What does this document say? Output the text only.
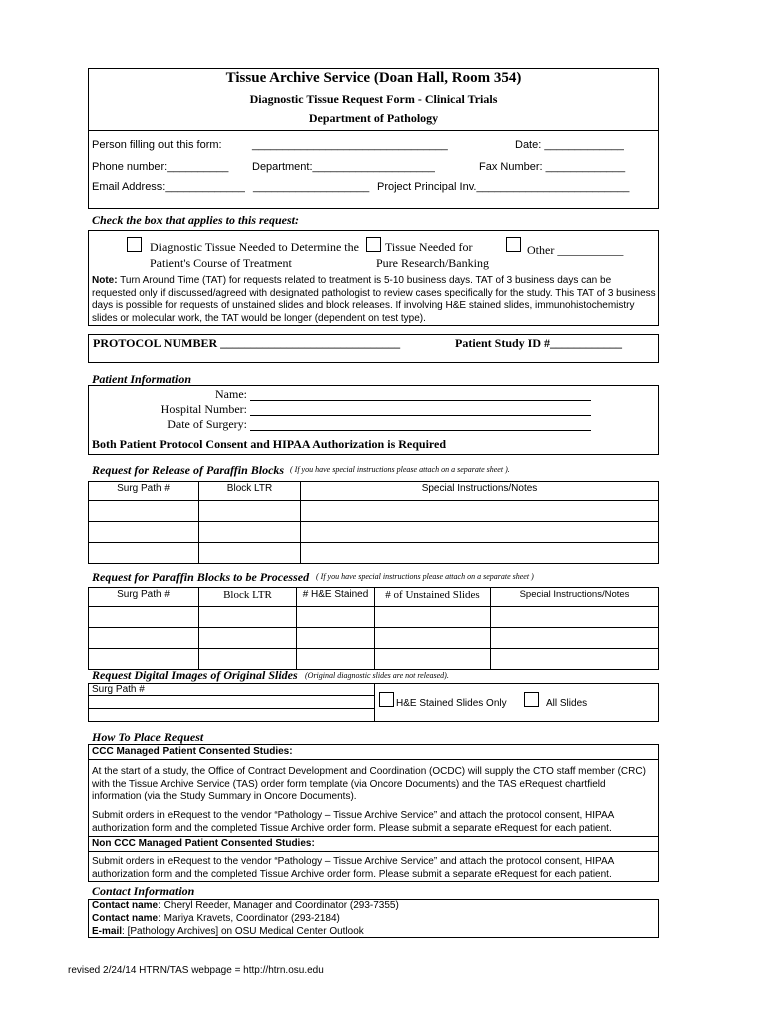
Tissue Archive Service (Doan Hall, Room 354)
Diagnostic Tissue Request Form - Clinical Trials
Department of Pathology
Person filling out this form:	________________________________	Date: _____________
Phone number:__________ Department:____________________	Fax Number: _____________
Email Address:_____________ ___________________ Project Principal Inv._________________________
Check the box that applies to this request:
Diagnostic Tissue Needed to Determine the
Patient's Course of Treatment
Tissue Needed for
Pure Research/Banking
Other ___________
Note: Turn Around Time (TAT) for requests related to treatment is 5-10 business days. TAT of 3 business days can be requested only if discussed/agreed with designated pathologist to review cases specifically for the study. This TAT of 3 business days is possible for requests of unstained slides and block releases. If involving H&E stained slides, immunohistochemistry slides or molecular work, the TAT would be longer (dependent on test type).
PROTOCOL NUMBER ______________________________	Patient Study ID #____________
Patient Information
Name:
Hospital Number:
Date of Surgery:
Both Patient Protocol Consent and HIPAA Authorization is Required
Request for Release of Paraffin Blocks ( If you have special instructions please attach on a separate sheet ).
Surg Path #	Block LTR	Special Instructions/Notes

Request for Paraffin Blocks to be Processed ( If you have special instructions please attach on a separate sheet )
Surg Path #	Block LTR	# H&E Stained	# of Unstained Slides	Special Instructions/Notes

Request Digital Images of Original Slides (Original diagnostic slides are not released).
Surg Path #
H&E Stained Slides Only	All Slides
How To Place Request
CCC Managed Patient Consented Studies:
At the start of a study, the Office of Contract Development and Coordination (OCDC) will supply the CTO staff member (CRC) with the Tissue Archive Service (TAS) order form template (via Oncore Documents) and the TAS eRequest chartfield information (via the Study Summary in Oncore Documents).
Submit orders in eRequest to the vendor “Pathology – Tissue Archive Service” and attach the protocol consent, HIPAA authorization form and the completed Tissue Archive order form. Please submit a separate eRequest for each patient.
Non CCC Managed Patient Consented Studies:
Submit orders in eRequest to the vendor “Pathology – Tissue Archive Service” and attach the protocol consent, HIPAA authorization form and the completed Tissue Archive order form. Please submit a separate eRequest for each patient.
Contact Information
Contact name: Cheryl Reeder, Manager and Coordinator (293-7355)
Contact name: Mariya Kravets, Coordinator (293-2184)
E-mail: [Pathology Archives] on OSU Medical Center Outlook
revised 2/24/14 HTRN/TAS webpage = http://htrn.osu.edu
